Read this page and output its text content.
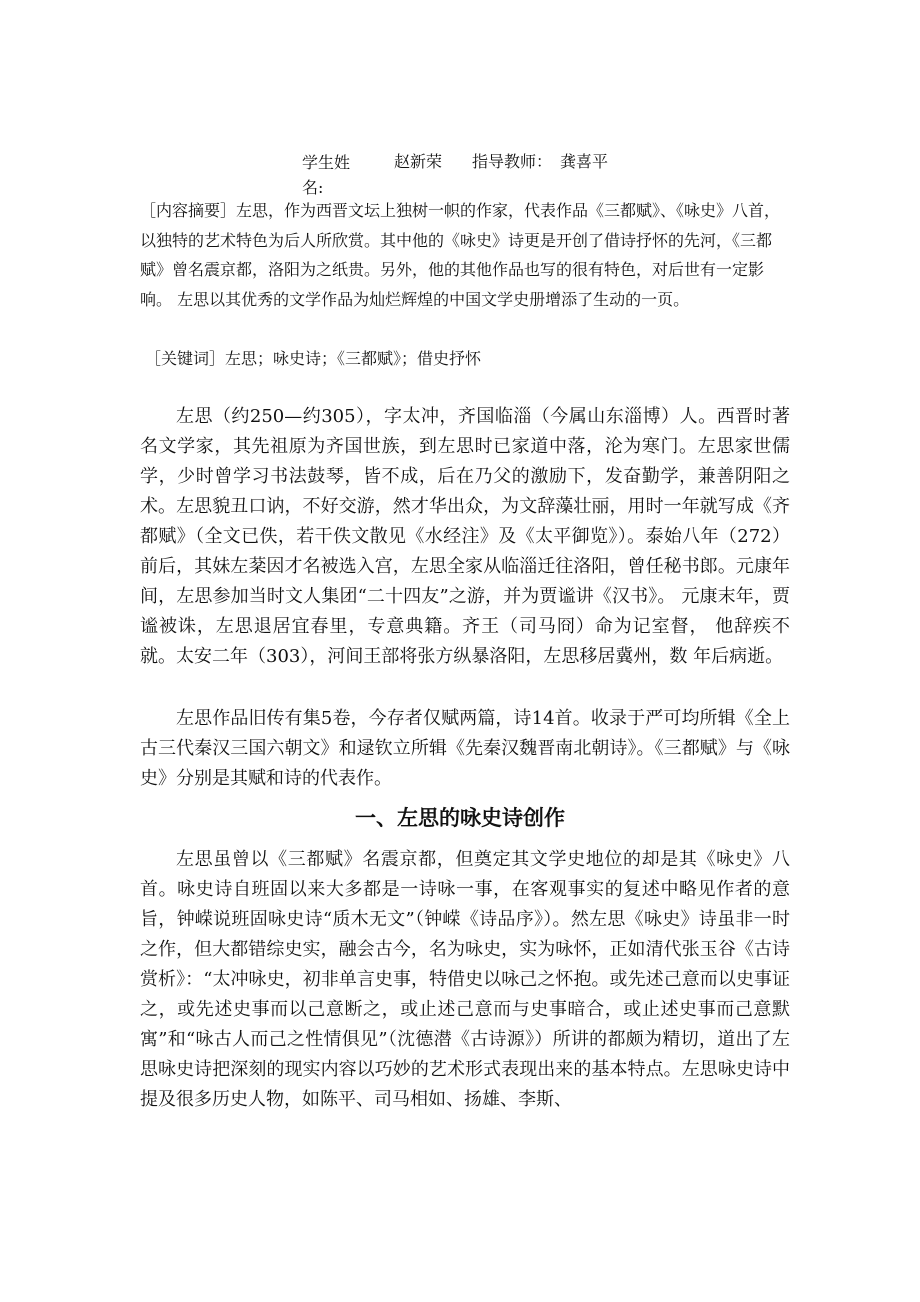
学生姓名:
赵新荣 指导教师： 龚喜平
［内容摘要］左思，作为西晋文坛上独树一帜的作家，代表作品《三都赋》、《咏史》八首， 以独特的艺术特色为后人所欣赏。其中他的《咏史》诗更是开创了借诗抒怀的先河，《三都 赋》曾名震京都，洛阳为之纸贵。另外，他的其他作品也写的很有特色，对后世有一定影响。 左思以其优秀的文学作品为灿烂辉煌的中国文学史册增添了生动的一页。
［关键词］左思；咏史诗；《三都赋》；借史抒怀

左思（约250—约305），字太冲，齐国临淄（今属山东淄博）人。西晋时著名文学家，其先祖原为齐国世族，到左思时已家道中落，沦为寒门。左思家世儒学，少时曾学习书法鼓琴，皆不成，后在乃父的激励下，发奋勤学，兼善阴阳之术。左思貌丑口讷，不好交游，然才华出众，为文辞藻壮丽，用时一年就写成《齐都赋》（全文已佚，若干佚文散见《水经注》及《太平御览》）。泰始八年（272）前后，其妹左棻因才名被选入宫，左思全家从临淄迁往洛阳，曾任秘书郎。元康年间，左思参加当时文人集团“二十四友”之游，并为贾谧讲《汉书》。 元康末年，贾谧被诛，左思退居宜春里，专意典籍。齐王（司马冏）命为记室督， 他辞疾不就。太安二年（303），河间王部将张方纵暴洛阳，左思移居冀州，数 年后病逝。

左思作品旧传有集5卷，今存者仅赋两篇，诗14首。收录于严可均所辑《全上古三代秦汉三国六朝文》和逯钦立所辑《先秦汉魏晋南北朝诗》。《三都赋》与《咏史》分别是其赋和诗的代表作。

一、左思的咏史诗创作

左思虽曾以《三都赋》名震京都，但奠定其文学史地位的却是其《咏史》八首。咏史诗自班固以来大多都是一诗咏一事，在客观事实的复述中略见作者的意旨，钟嵘说班固咏史诗“质木无文”（钟嵘《诗品序》）。然左思《咏史》诗虽非一时之作，但大都错综史实，融会古今，名为咏史，实为咏怀，正如清代张玉谷《古诗赏析》：“太冲咏史，初非单言史事，特借史以咏己之怀抱。或先述己意而以史事证之，或先述史事而以己意断之，或止述己意而与史事暗合，或止述史事而己意默寓”和“咏古人而己之性情俱见”（沈德潜《古诗源》）所讲的都颇为精切，道出了左思咏史诗把深刻的现实内容以巧妙的艺术形式表现出来的基本特点。左思咏史诗中提及很多历史人物，如陈平、司马相如、扬雄、李斯、
